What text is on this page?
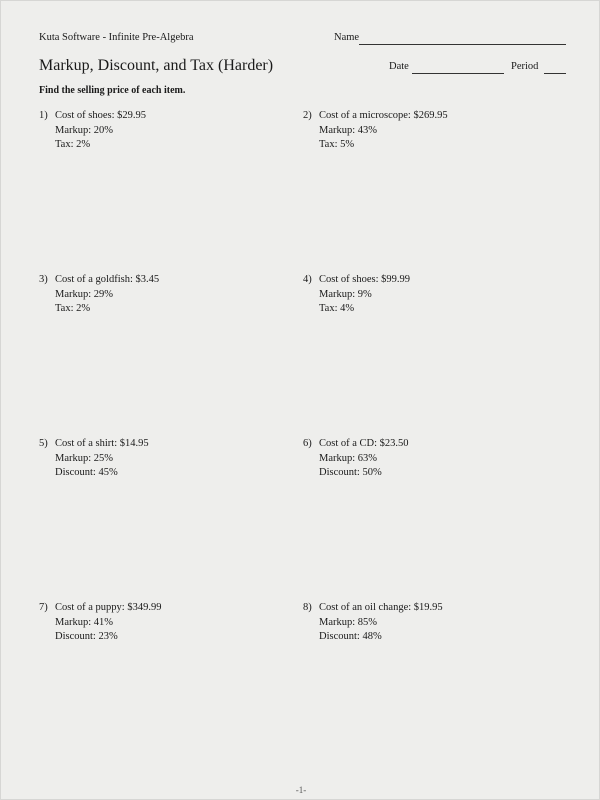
Kuta Software - Infinite Pre-Algebra	Name
Markup, Discount, and Tax (Harder)	Date	Period
Find the selling price of each item.
1) Cost of shoes: $29.95
Markup: 20%
Tax: 2%
2) Cost of a microscope: $269.95
Markup: 43%
Tax: 5%
3) Cost of a goldfish: $3.45
Markup: 29%
Tax: 2%
4) Cost of shoes: $99.99
Markup: 9%
Tax: 4%
5) Cost of a shirt: $14.95
Markup: 25%
Discount: 45%
6) Cost of a CD: $23.50
Markup: 63%
Discount: 50%
7) Cost of a puppy: $349.99
Markup: 41%
Discount: 23%
8) Cost of an oil change: $19.95
Markup: 85%
Discount: 48%
-1-
